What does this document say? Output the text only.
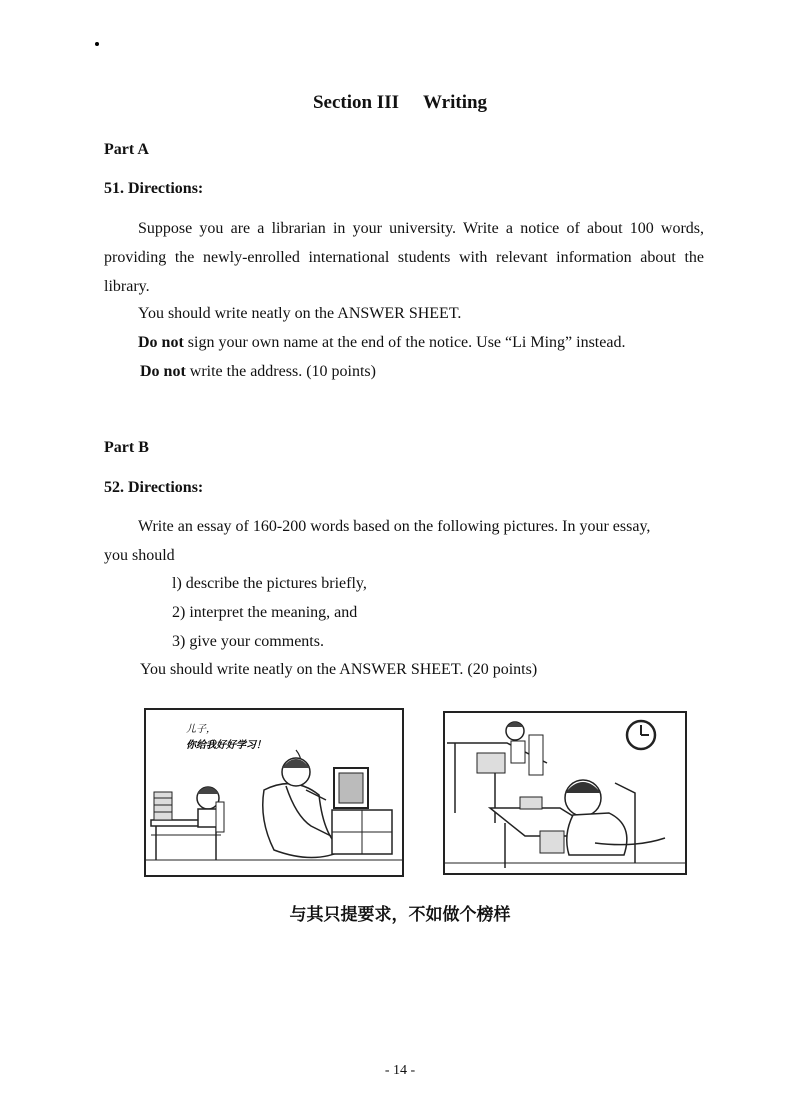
Section III Writing
Part A
51. Directions:
Suppose you are a librarian in your university. Write a notice of about 100 words, providing the newly-enrolled international students with relevant information about the library.
You should write neatly on the ANSWER SHEET.
Do not sign your own name at the end of the notice. Use “Li Ming” instead.
Do not write the address. (10 points)
Part B
52. Directions:
Write an essay of 160-200 words based on the following pictures. In your essay, you should
l) describe the pictures briefly,
2) interpret the meaning, and
3) give your comments.
You should write neatly on the ANSWER SHEET. (20 points)
儿子，
你给我好好学习！
与其只提要求，不如做个榜样
- 14 -
